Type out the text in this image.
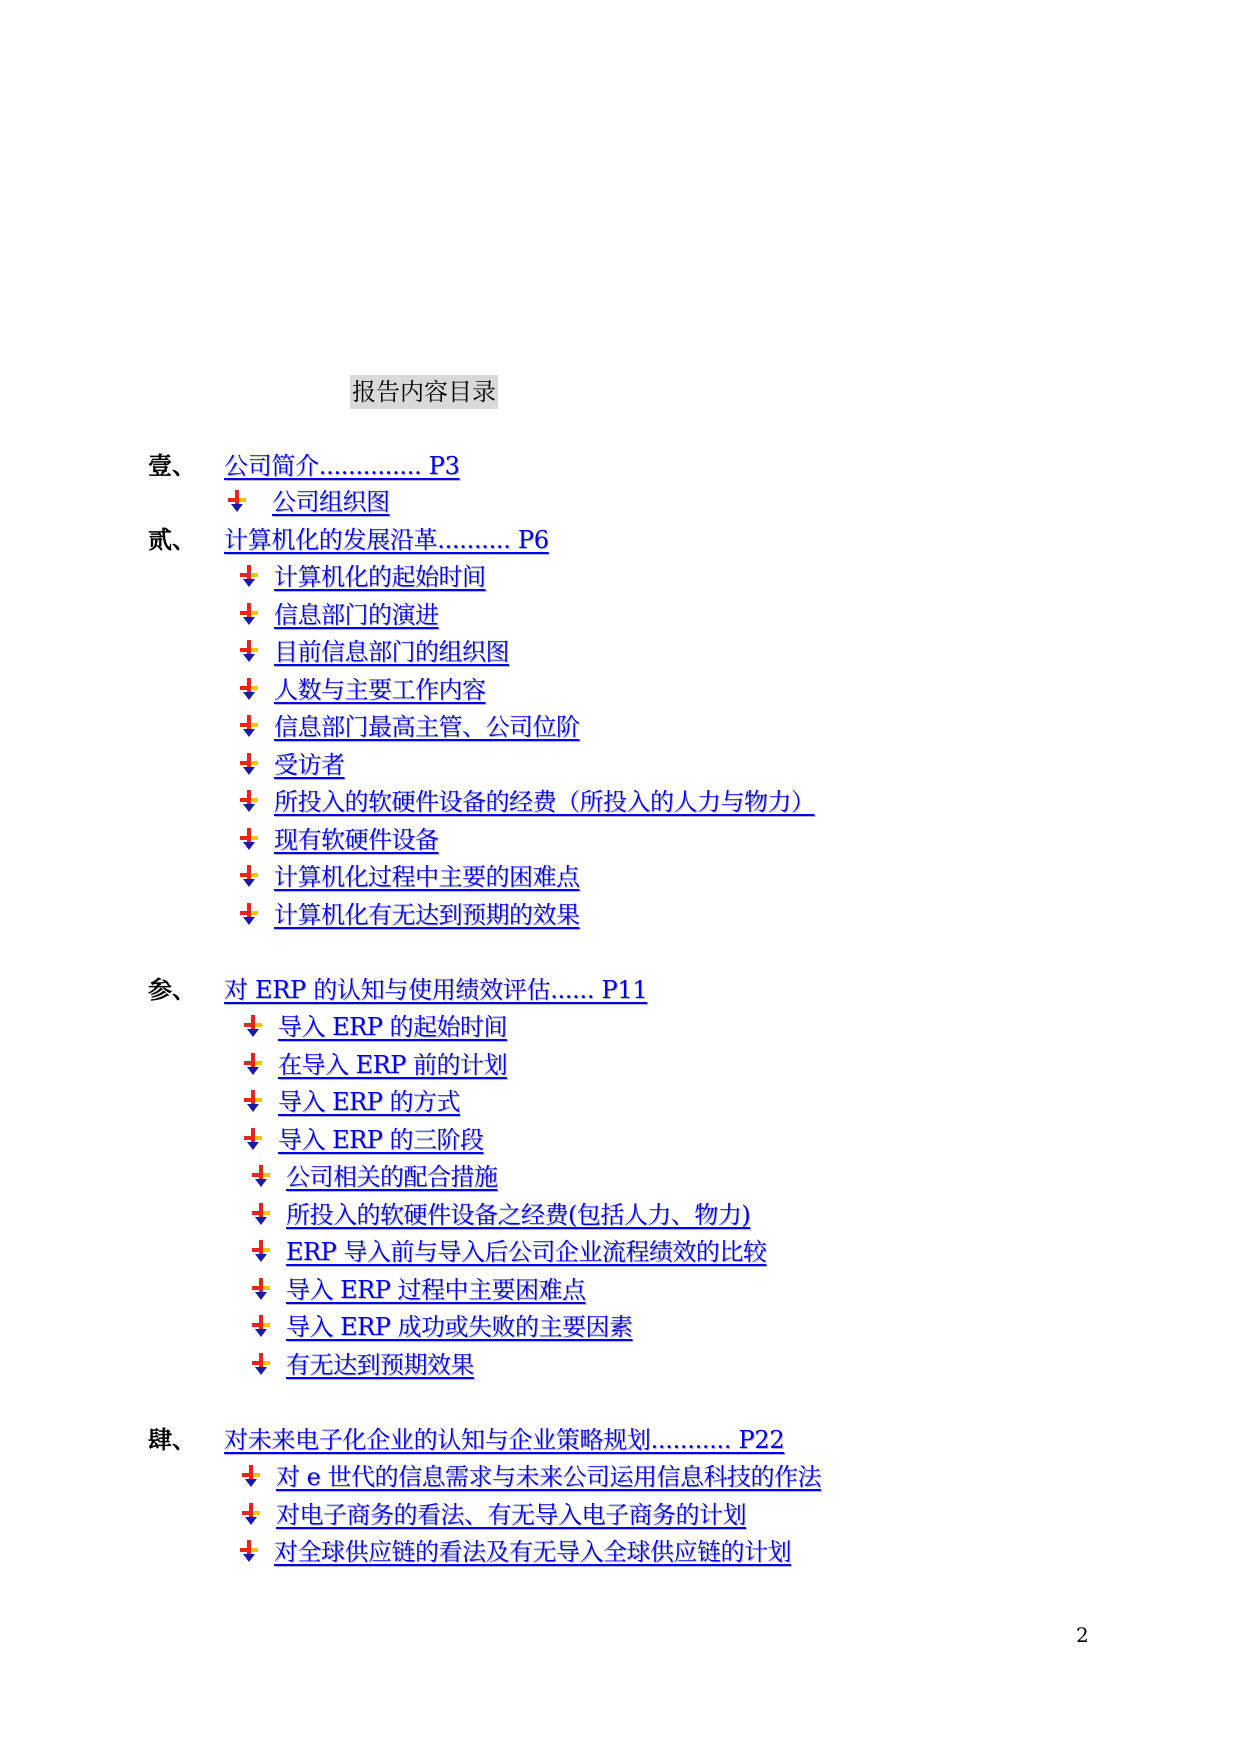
报告内容目录
壹、 公司简介.............. P3
公司组织图
贰、 计算机化的发展沿革.......... P6
计算机化的起始时间
信息部门的演进
目前信息部门的组织图
人数与主要工作内容
信息部门最高主管、公司位阶
受访者
所投入的软硬件设备的经费（所投入的人力与物力）
现有软硬件设备
计算机化过程中主要的困难点
计算机化有无达到预期的效果
参、 对 ERP 的认知与使用绩效评估...... P11
导入 ERP 的起始时间
在导入 ERP 前的计划
导入 ERP 的方式
导入 ERP 的三阶段
公司相关的配合措施
所投入的软硬件设备之经费(包括人力、物力)
ERP 导入前与导入后公司企业流程绩效的比较
导入 ERP 过程中主要困难点
导入 ERP 成功或失败的主要因素
有无达到预期效果
肆、 对未来电子化企业的认知与企业策略规划........... P22
对 e 世代的信息需求与未来公司运用信息科技的作法
对电子商务的看法、有无导入电子商务的计划
对全球供应链的看法及有无导入全球供应链的计划
2
